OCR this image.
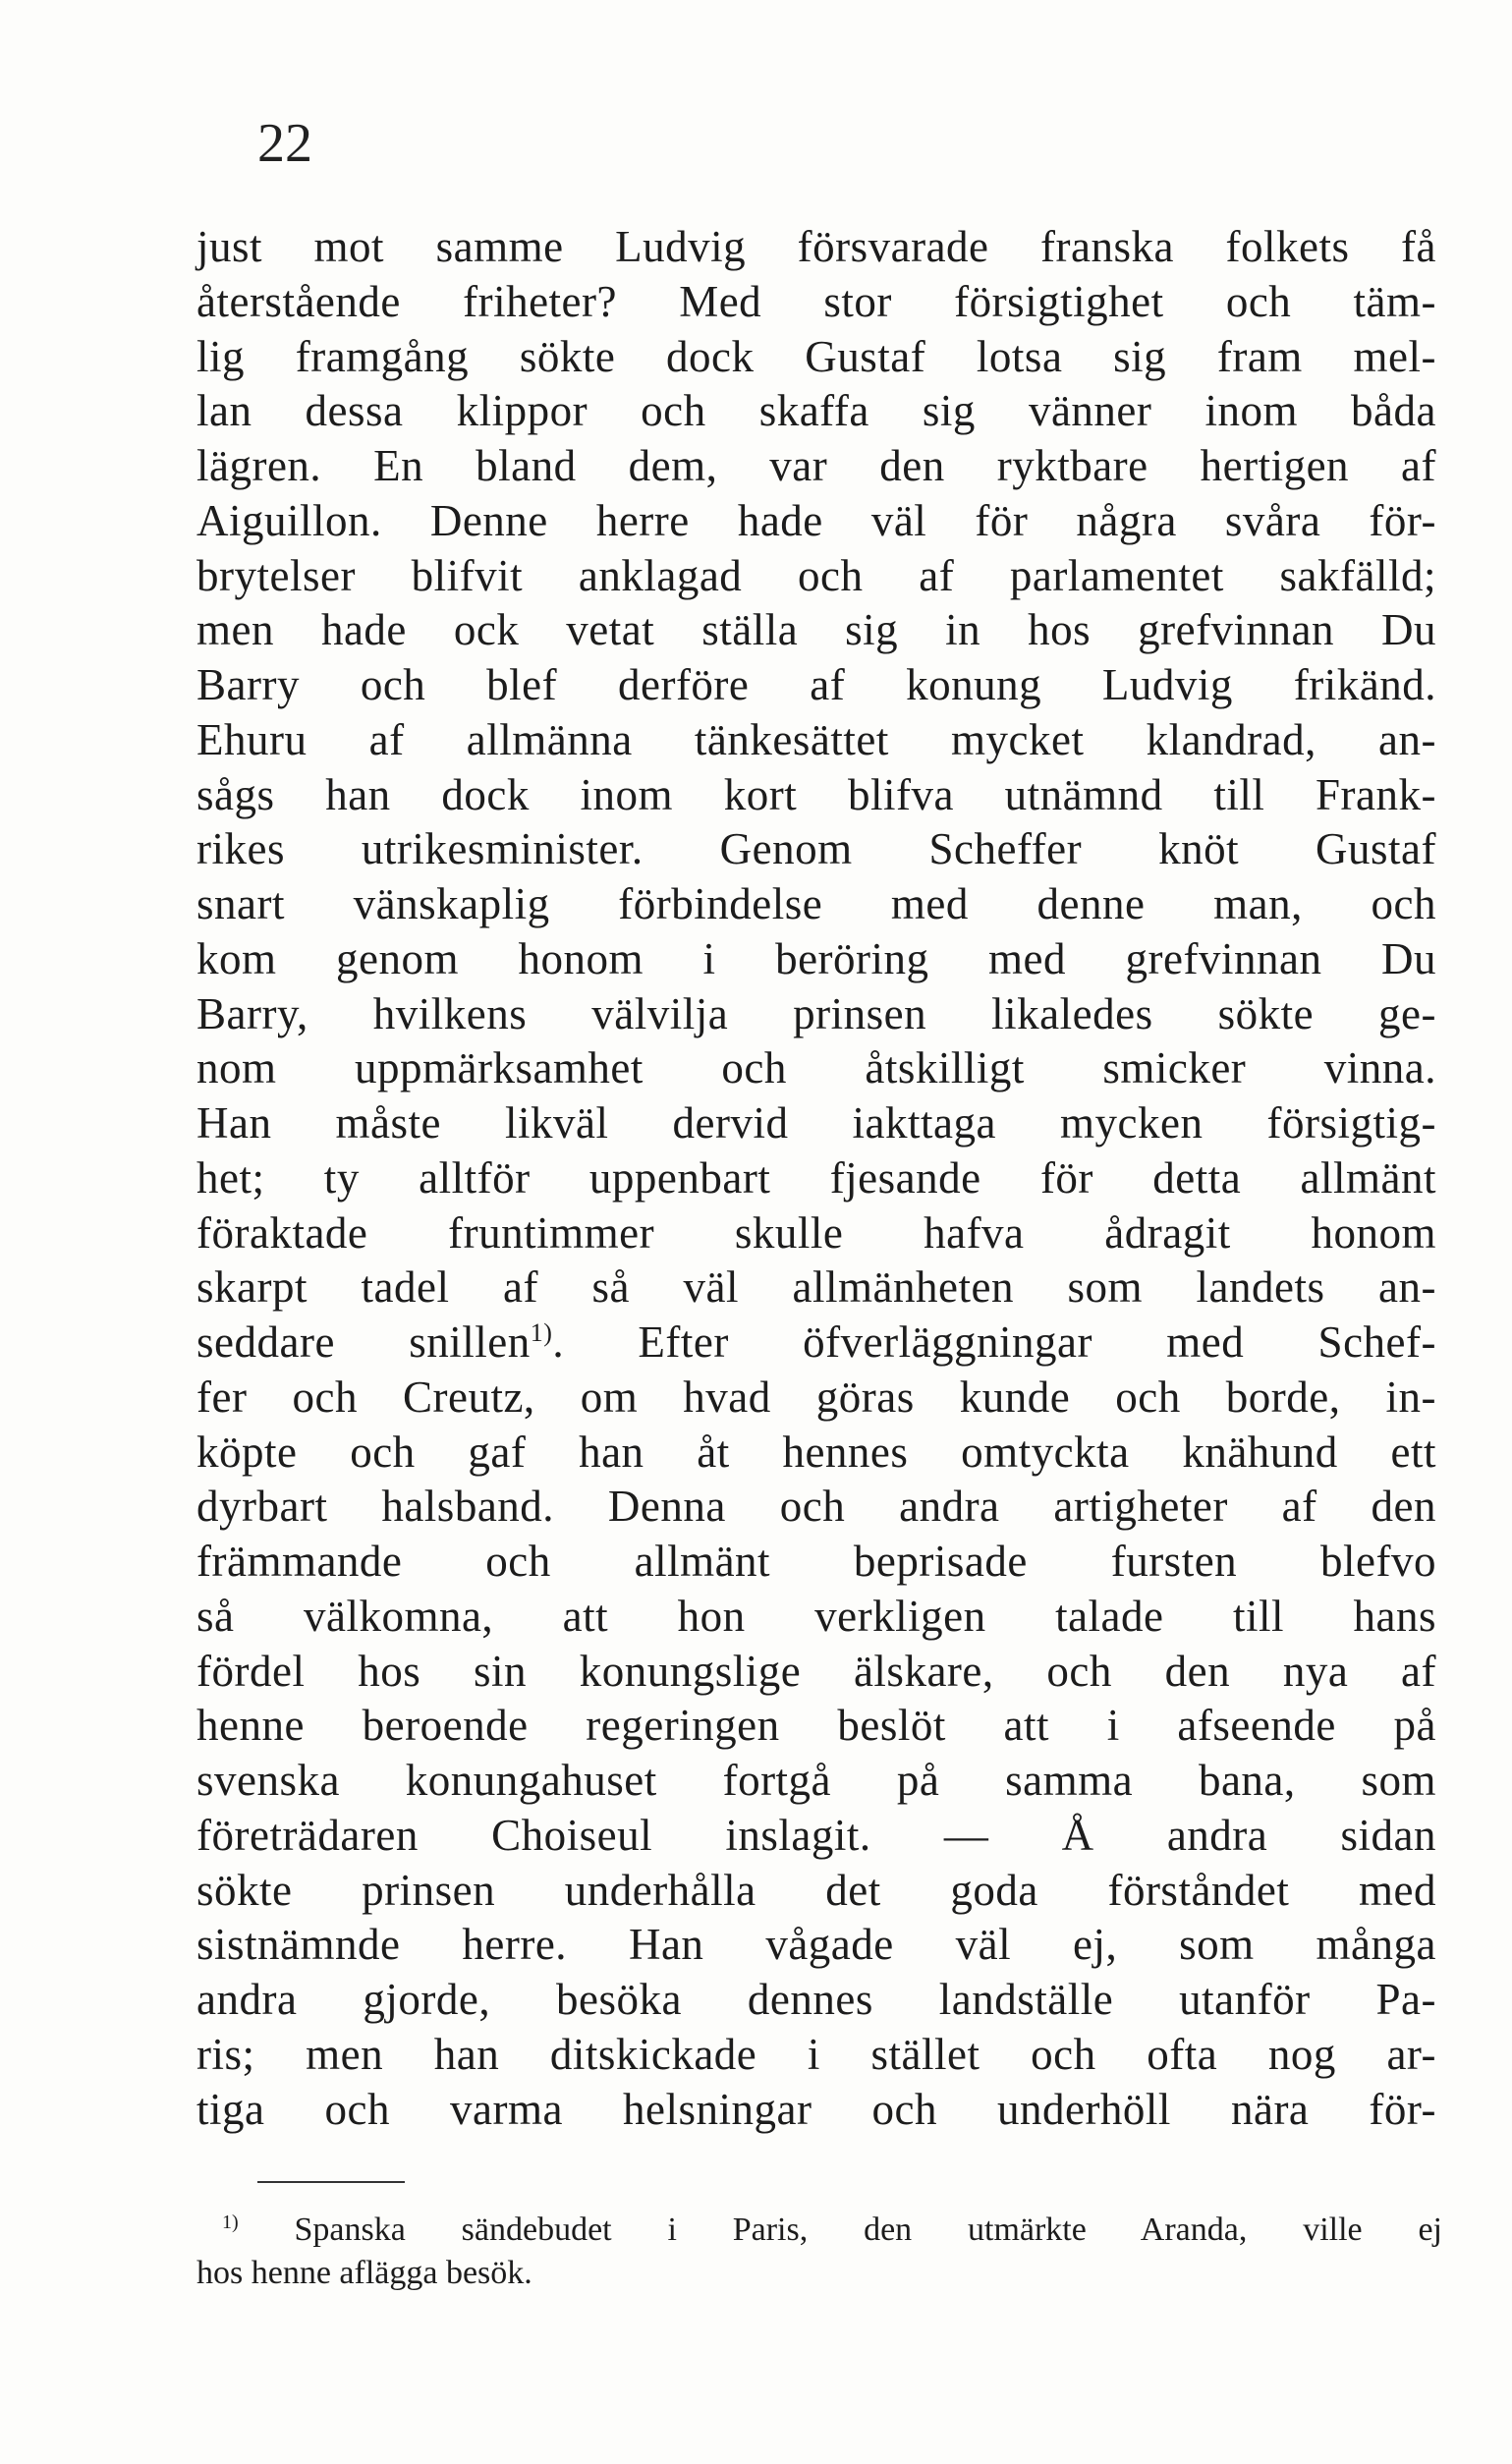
22
just mot samme Ludvig försvarade franska folkets få
återstående friheter? Med stor försigtighet och täm-
lig framgång sökte dock Gustaf lotsa sig fram mel-
lan dessa klippor och skaffa sig vänner inom båda
lägren. En bland dem, var den ryktbare hertigen af
Aiguillon. Denne herre hade väl för några svåra för-
brytelser blifvit anklagad och af parlamentet sakfälld;
men hade ock vetat ställa sig in hos grefvinnan Du
Barry och blef derföre af konung Ludvig frikänd.
Ehuru af allmänna tänkesättet mycket klandrad, an-
sågs han dock inom kort blifva utnämnd till Frank-
rikes utrikesminister. Genom Scheffer knöt Gustaf
snart vänskaplig förbindelse med denne man, och
kom genom honom i beröring med grefvinnan Du
Barry, hvilkens välvilja prinsen likaledes sökte ge-
nom uppmärksamhet och åtskilligt smicker vinna.
Han måste likväl dervid iakttaga mycken försigtig-
het; ty alltför uppenbart fjesande för detta allmänt
föraktade fruntimmer skulle hafva ådragit honom
skarpt tadel af så väl allmänheten som landets an-
seddare snillen$^{1)}$. Efter öfverläggningar med Schef-
fer och Creutz, om hvad göras kunde och borde, in-
köpte och gaf han åt hennes omtyckta knähund ett
dyrbart halsband. Denna och andra artigheter af den
främmande och allmänt beprisade fursten blefvo
så välkomna, att hon verkligen talade till hans
fördel hos sin konungslige älskare, och den nya af
henne beroende regeringen beslöt att i afseende på
svenska konungahuset fortgå på samma bana, som
företrädaren Choiseul inslagit. — Å andra sidan
sökte prinsen underhålla det goda förståndet med
sistnämnde herre. Han vågade väl ej, som många
andra gjorde, besöka dennes landställe utanför Pa-
ris; men han ditskickade i stället och ofta nog ar-
tiga och varma helsningar och underhöll nära för-
$^{1)}$ Spanska sändebudet i Paris, den utmärkte Aranda, ville ej
hos henne aflägga besök.
